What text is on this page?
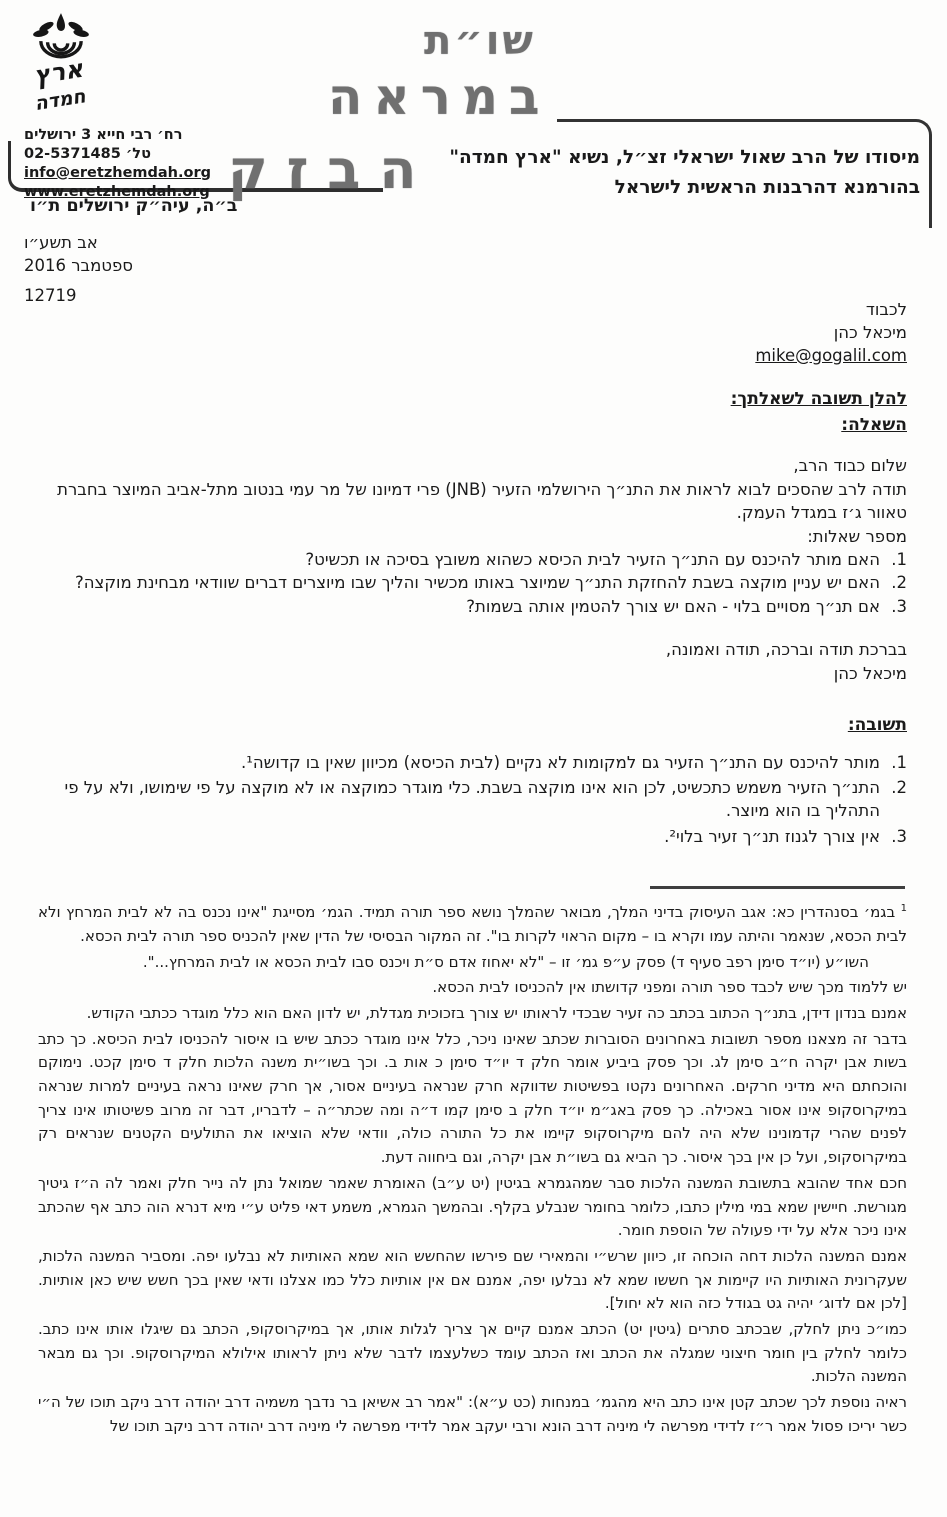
ארץ
חמדה
רח׳ רבי חייא 3 ירושלים
טל׳ 02-5371485
info@eretzhemdah.org
www.eretzhemdah.org
ב״ה, עיה״ק ירושלים ת״ו
שו״ת
במראה
הבזק מיסודו של הרב שאול ישראלי זצ״ל, נשיא "ארץ חמדה"
בהורמנא דהרבנות הראשית לישראל
אב תשע״ו
ספטמבר 2016
12719
לכבוד
מיכאל כהן
mike@gogalil.com
להלן תשובה לשאלתך:
השאלה:
שלום כבוד הרב,
תודה לרב שהסכים לבוא לראות את התנ״ך הירושלמי הזעיר (JNB) פרי דמיונו של מר עמי בנטוב מתל-אביב המיוצר בחברת טאוור ג׳ז במגדל העמק.
מספר שאלות:
1.
האם מותר להיכנס עם התנ״ך הזעיר לבית הכיסא כשהוא משובץ בסיכה או תכשיט?
2.
האם יש עניין מוקצה בשבת להחזקת התנ״ך שמיוצר באותו מכשיר והליך שבו מיוצרים דברים שוודאי מבחינת מוקצה?
3.
אם תנ״ך מסויים בלוי - האם יש צורך להטמין אותה בשמות?
בברכת תודה וברכה, תודה ואמונה,
מיכאל כהן
תשובה:
1.
מותר להיכנס עם התנ״ך הזעיר גם למקומות לא נקיים (לבית הכיסא) מכיוון שאין בו קדושה¹.
2.
התנ״ך הזעיר משמש כתכשיט, לכן הוא אינו מוקצה בשבת. כלי מוגדר כמוקצה או לא מוקצה על פי שימושו, ולא על פי התהליך בו הוא מיוצר.
3.
אין צורך לגנוז תנ״ך זעיר בלוי².

$^1$ בגמ׳ בסנהדרין כא: אגב העיסוק בדיני המלך, מבואר שהמלך נושא ספר תורה תמיד. הגמ׳ מסייגת "אינו נכנס בה לא לבית המרחץ ולא לבית הכסא, שנאמר והיתה עמו וקרא בו – מקום הראוי לקרות בו". זה המקור הבסיסי של הדין שאין להכניס ספר תורה לבית הכסא.

השו״ע (יו״ד סימן רפב סעיף ד) פסק ע״פ גמ׳ זו – "לא יאחוז אדם ס״ת ויכנס סבו לבית הכסא או לבית המרחץ...".

יש ללמוד מכך שיש לכבד ספר תורה ומפני קדושתו אין להכניסו לבית הכסא.

אמנם בנדון דידן, בתנ״ך הכתוב בכתב כה זעיר שבכדי לראותו יש צורך בזכוכית מגדלת, יש לדון האם הוא כלל מוגדר ככתבי הקודש.

בדבר זה מצאנו מספר תשובות באחרונים הסוברות שכתב שאינו ניכר, כלל אינו מוגדר ככתב שיש בו איסור להכניסו לבית הכיסא. כך כתב בשות אבן יקרה ח״ב סימן לג. וכך פסק ביביע אומר חלק ד יו״ד סימן כ אות ב. וכך בשו״ית משנה הלכות חלק ד סימן קכט. נימוקם והוכחתם היא מדיני חרקים. האחרונים נקטו בפשיטות שדווקא חרק שנראה בעיניים אסור, אך חרק שאינו נראה בעיניים למרות שנראה במיקרוסקופ אינו אסור באכילה. כך פסק באג״מ יו״ד חלק ב סימן קמו ד״ה ומה שכתר״ה – לדבריו, דבר זה מרוב פשיטותו אינו צריך לפנים שהרי קדמונינו שלא היה להם מיקרוסקופ קיימו את כל התורה כולה, וודאי שלא הוציאו את התולעים הקטנים שנראים רק במיקרוסקופ, ועל כן אין בכך איסור. כך הביא גם בשו״ת אבן יקרה, וגם ביחווה דעת.

חכם אחד שהובא בתשובת המשנה הלכות סבר שמהגמרא בגיטין (יט ע״ב) האומרת שאמר שמואל נתן לה נייר חלק ואמר לה ה״ז גיטיך מגורשת. חיישין שמא במי מילין כתבו, כלומר בחומר שנבלע בקלף. ובהמשך הגמרא, משמע דאי פליט ע״י מיא דנרא הוה כתב אף שהכתב אינו ניכר אלא על ידי פעולה של הוספת חומר.

אמנם המשנה הלכות דחה הוכחה זו, כיוון שרש״י והמאירי שם פירשו שהחשש הוא שמא האותיות לא נבלעו יפה. ומסביר המשנה הלכות, שעקרונית האותיות היו קיימות אך חששו שמא לא נבלעו יפה, אמנם אם אין אותיות כלל כמו אצלנו ודאי שאין בכך חשש שיש כאן אותיות. [לכן אם לדוג׳ יהיה גט בגודל כזה הוא לא יחול].

כמו״כ ניתן לחלק, שבכתב סתרים (גיטין יט) הכתב אמנם קיים אך צריך לגלות אותו, אך במיקרוסקופ, הכתב גם שיגלו אותו אינו כתב. כלומר לחלק בין חומר חיצוני שמגלה את הכתב ואז הכתב עומד כשלעצמו לדבר שלא ניתן לראותו אילולא המיקרוסקופ. וכך גם מבאר המשנה הלכות.

ראיה נוספת לכך שכתב קטן אינו כתב היא מהגמ׳ במנחות (כט ע״א): "אמר רב אשיאן בר נדבך משמיה דרב יהודה דרב ניקב תוכו של ה״י כשר יריכו פסול אמר ר״ז לדידי מפרשה לי מיניה דרב הונא ורבי יעקב אמר לדידי מפרשה לי מיניה דרב יהודה דרב ניקב תוכו של
